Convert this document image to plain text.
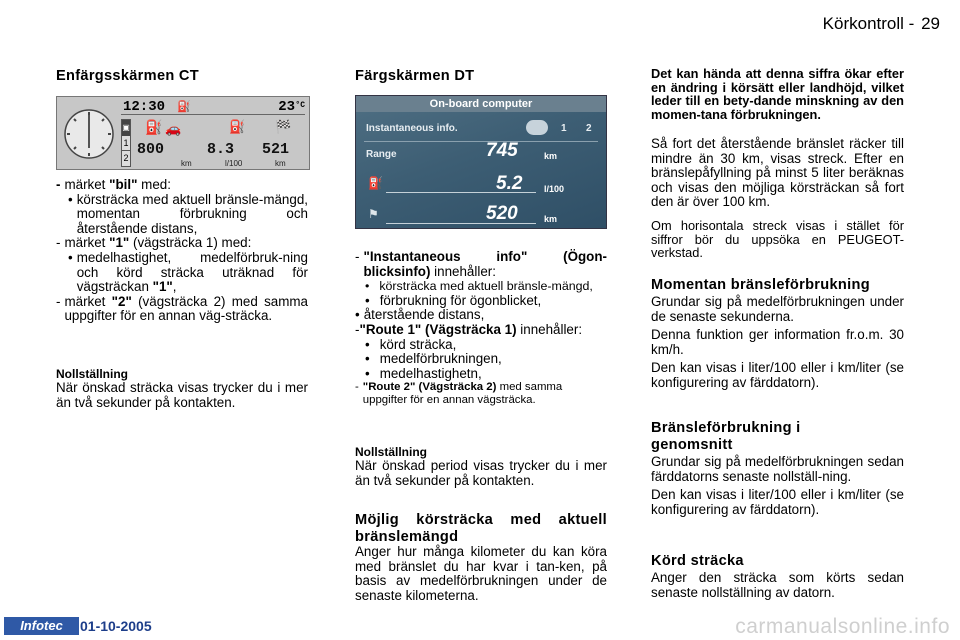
Körkontroll - 29
Enfärgsskärmen CT
12:30 ⛽	23 °C
▣
1
2
⛽ 🚗	⛽ 🏁
800	8.3 521
km	l/100	km
- märket "bil" med:
• körsträcka med aktuell bränsle-mängd, momentan förbrukning och återstående distans,
- märket "1" (vägsträcka 1) med:
• medelhastighet, medelförbruk-ning och körd sträcka uträknad för vägsträckan "1",
- märket "2" (vägsträcka 2) med samma uppgifter för en annan väg-sträcka.
Nollställning
När önskad sträcka visas trycker du i mer än två sekunder på kontakten.
Färgskärmen DT
On-board computer
Instantaneous info.	1 2
Range	745	km
⛽	5.2 l/100
⚑	520	km
- "Instantaneous info" (Ögon-blicksinfo) innehåller:
• körsträcka med aktuell bränsle-mängd,
• förbrukning för ögonblicket,
• återstående distans,
- "Route 1" (Vägsträcka 1) innehåller:
• körd sträcka,
• medelförbrukningen,
• medelhastighetn,
- "Route 2" (Vägsträcka 2) med samma uppgifter för en annan vägsträcka.
Nollställning
När önskad period visas trycker du i mer än två sekunder på kontakten.
Möjlig körsträcka med aktuell bränslemängd
Anger hur många kilometer du kan köra med bränslet du har kvar i tan-ken, på basis av medelförbrukningen under de senaste kilometerna.
Det kan hända att denna siffra ökar efter en ändring i körsätt eller landhöjd, vilket leder till en bety-dande minskning av den momen-tana förbrukningen.
Så fort det återstående bränslet räcker till mindre än 30 km, visas streck. Efter en bränslepåfyllning på minst 5 liter beräknas och visas den möjliga körsträckan så fort den är över 100 km.
Om horisontala streck visas i stället för siffror bör du uppsöka en PEUGEOT-verkstad.
Momentan bränsleförbrukning

Grundar sig på medelförbrukningen under de senaste sekunderna.

Denna funktion ger information fr.o.m. 30 km/h.

Den kan visas i liter/100 eller i km/liter (se konfigurering av färddatorn).

Bränsleförbrukning i genomsnitt

Grundar sig på medelförbrukningen sedan färddatorns senaste nollställ-ning.

Den kan visas i liter/100 eller i km/liter (se konfigurering av färddatorn).

Körd sträcka
Anger den sträcka som körts sedan senaste nollställning av datorn.
Infotec	01-10-2005	carmanualsonline.info
